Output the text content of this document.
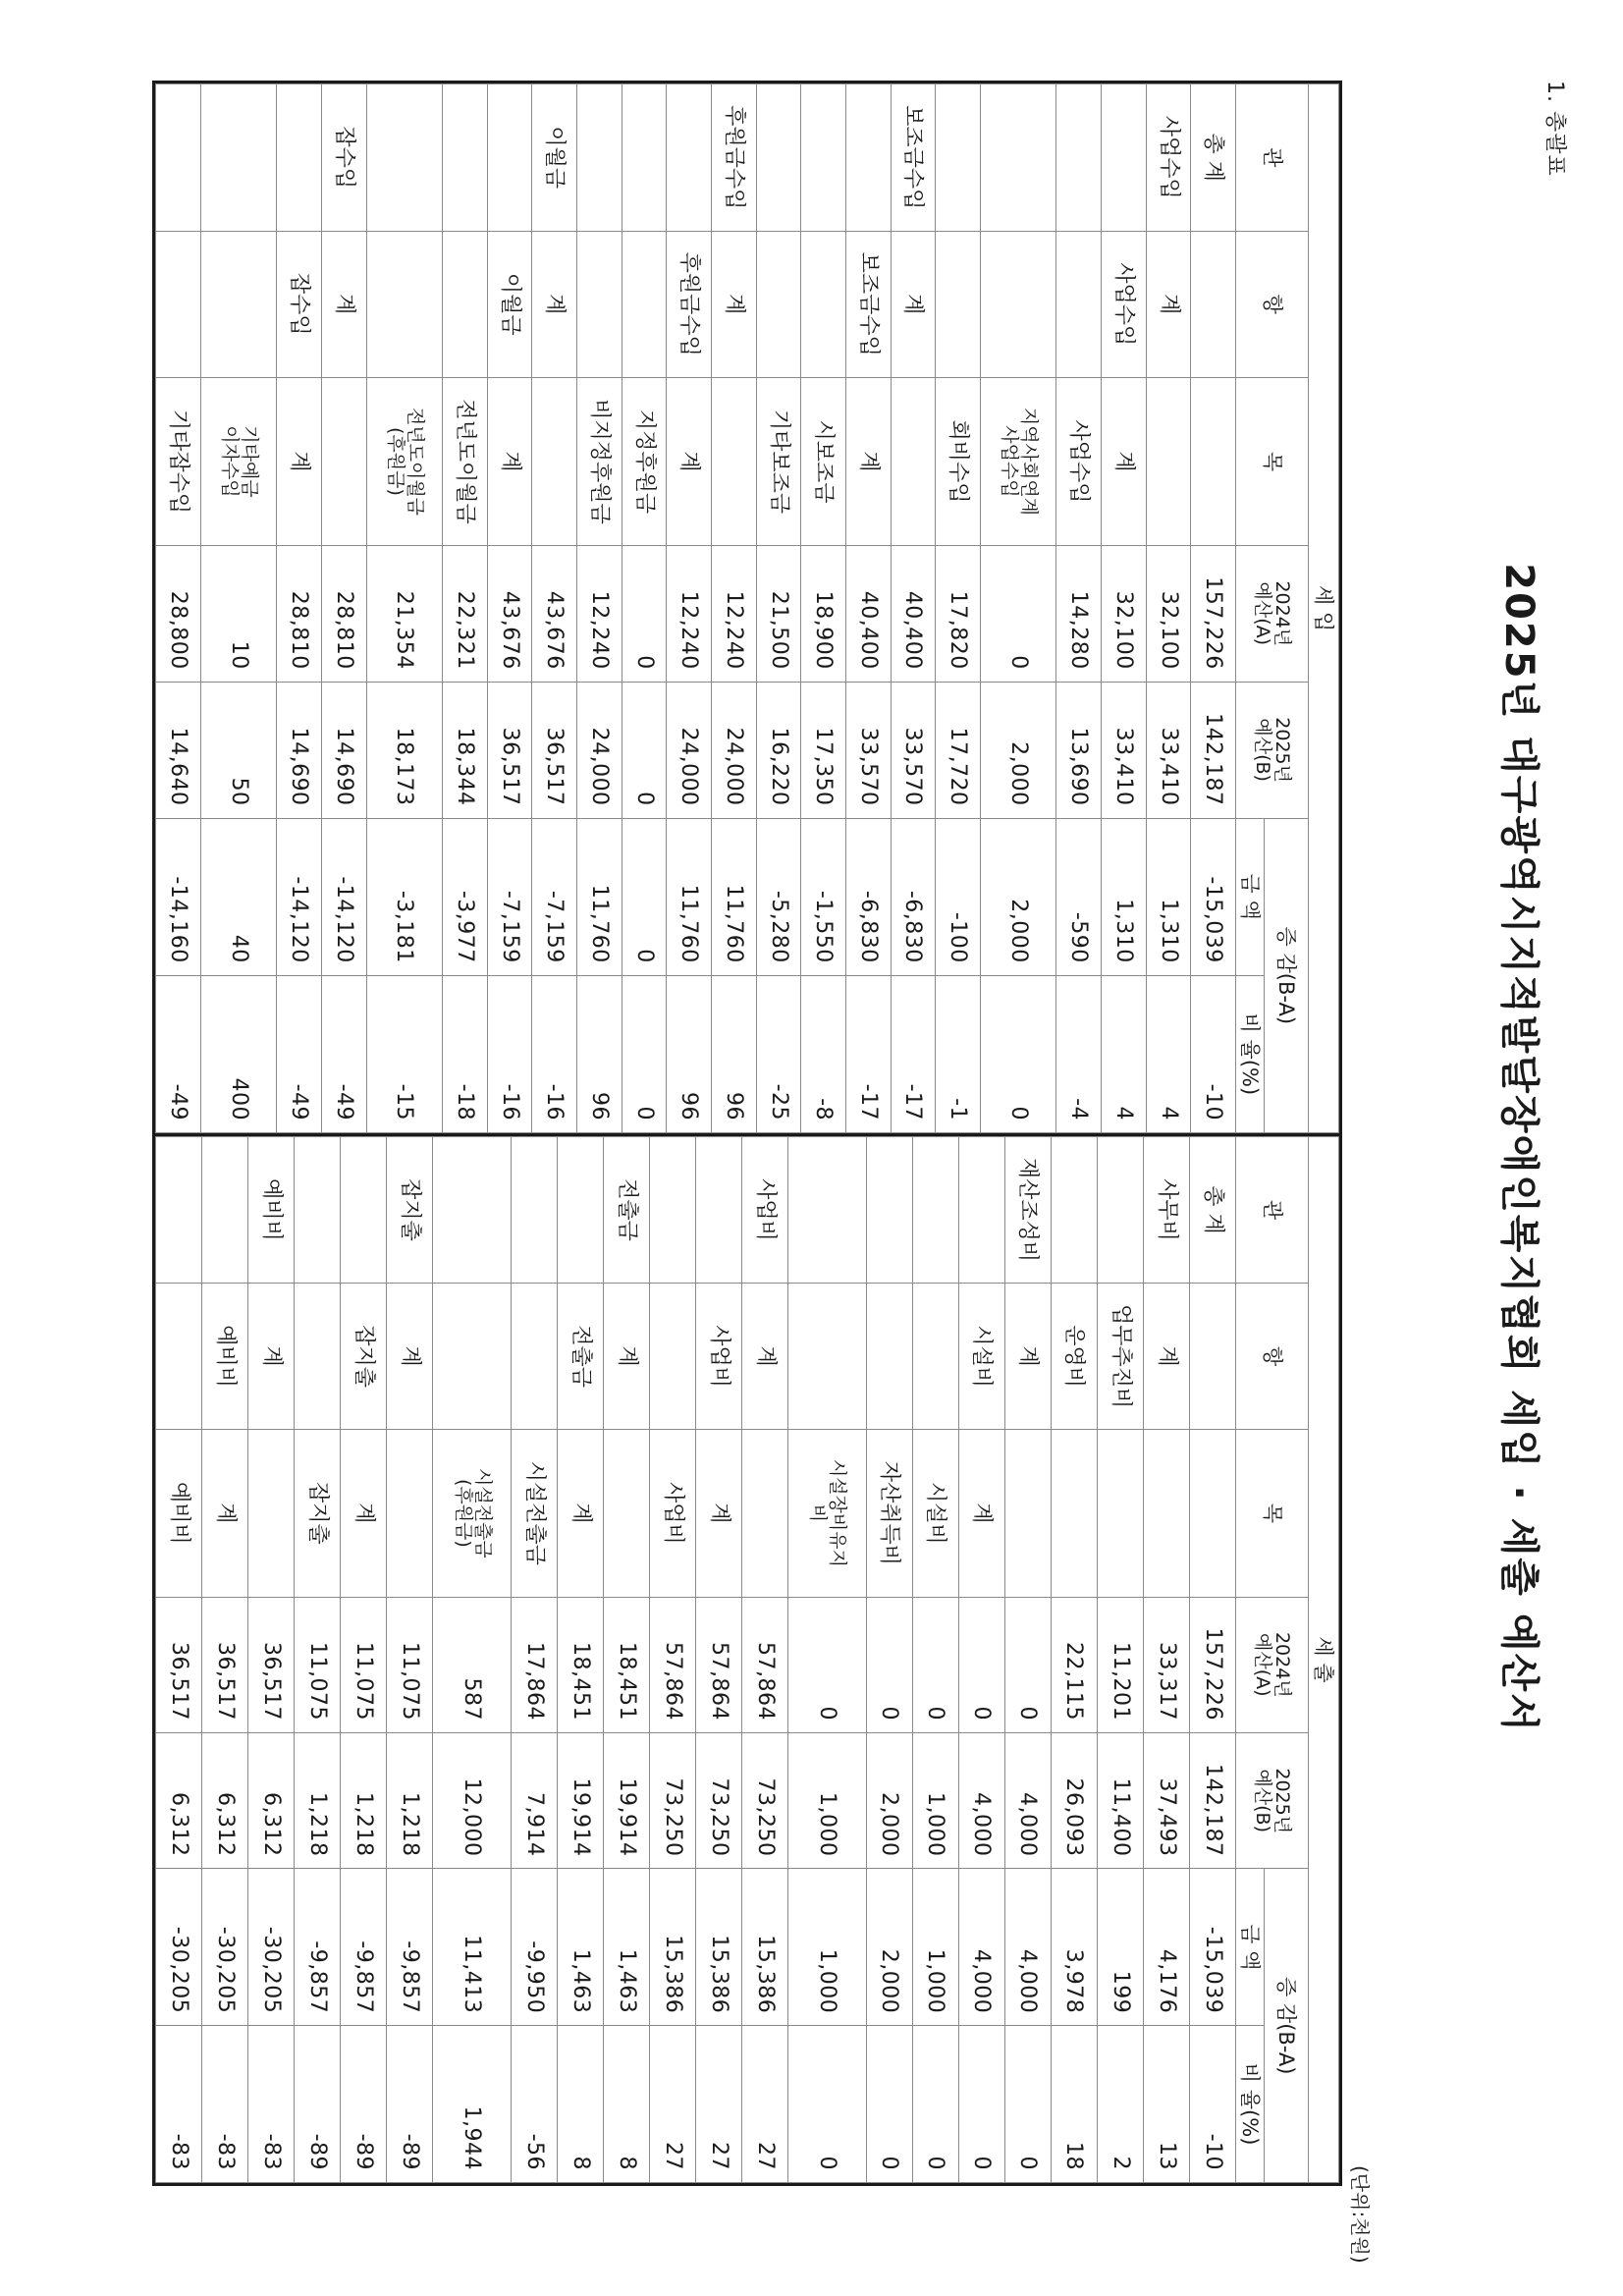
1. 총괄표
2025년 대구광역시지적발달장애인복지협회 세입 · 세출 예산서
(단위:천원)
세 입						
관	항	목	2024년
예산(A)	2025년
예산(B)	증 감(B-A)	
					금 액	비 율(%)
총 계			157,226	142,187	-15,039	-10
사업수입	계		32,100	33,410	1,310	4
	사업수입	계	32,100	33,410	1,310	4
		사업수입	14,280	13,690	-590	-4
		지역사회연계
사업수입	0	2,000	2,000	0
		회비수입	17,820	17,720	-100	-1
보조금수입	계		40,400	33,570	-6,830	-17
	보조금수입	계	40,400	33,570	-6,830	-17
		시보조금	18,900	17,350	-1,550	-8
		기타보조금	21,500	16,220	-5,280	-25
후원금수입	계		12,240	24,000	11,760	96
	후원금수입	계	12,240	24,000	11,760	96
		지정후원금	0	0	0	0
		비지정후원금	12,240	24,000	11,760	96
이월금	계		43,676	36,517	-7,159	-16
	이월금	계	43,676	36,517	-7,159	-16
		전년도이월금	22,321	18,344	-3,977	-18
		전년도이월금
(후원금)	21,354	18,173	-3,181	-15
잡수입	계		28,810	14,690	-14,120	-49
	잡수입	계	28,810	14,690	-14,120	-49
		기타예금
이자수입	10	50	40	400
		기타잡수입	28,800	14,640	-14,160	-49
세 출						
관	항	목	2024년
예산(A)	2025년
예산(B)	증 감(B-A)	
					금 액	비 율(%)
총 계			157,226	142,187	-15,039	-10
사무비	계		33,317	37,493	4,176	13
	업무추진비		11,201	11,400	199	2
	운영비		22,115	26,093	3,978	18
재산조성비	계		0	4,000	4,000	0
	시설비	계	0	4,000	4,000	0
		시설비	0	1,000	1,000	0
		자산취득비	0	2,000	2,000	0
		시설장비유지
비	0	1,000	1,000	0
사업비	계		57,864	73,250	15,386	27
	사업비	계	57,864	73,250	15,386	27
		사업비	57,864	73,250	15,386	27
전출금	계		18,451	19,914	1,463	8
	전출금	계	18,451	19,914	1,463	8
		시설전출금	17,864	7,914	-9,950	-56
		시설전출금
(후원금)	587	12,000	11,413	1,944
잡지출	계		11,075	1,218	-9,857	-89
	잡지출	계	11,075	1,218	-9,857	-89
		잡지출	11,075	1,218	-9,857	-89
예비비	계		36,517	6,312	-30,205	-83
	예비비	계	36,517	6,312	-30,205	-83
		예비비	36,517	6,312	-30,205	-83
